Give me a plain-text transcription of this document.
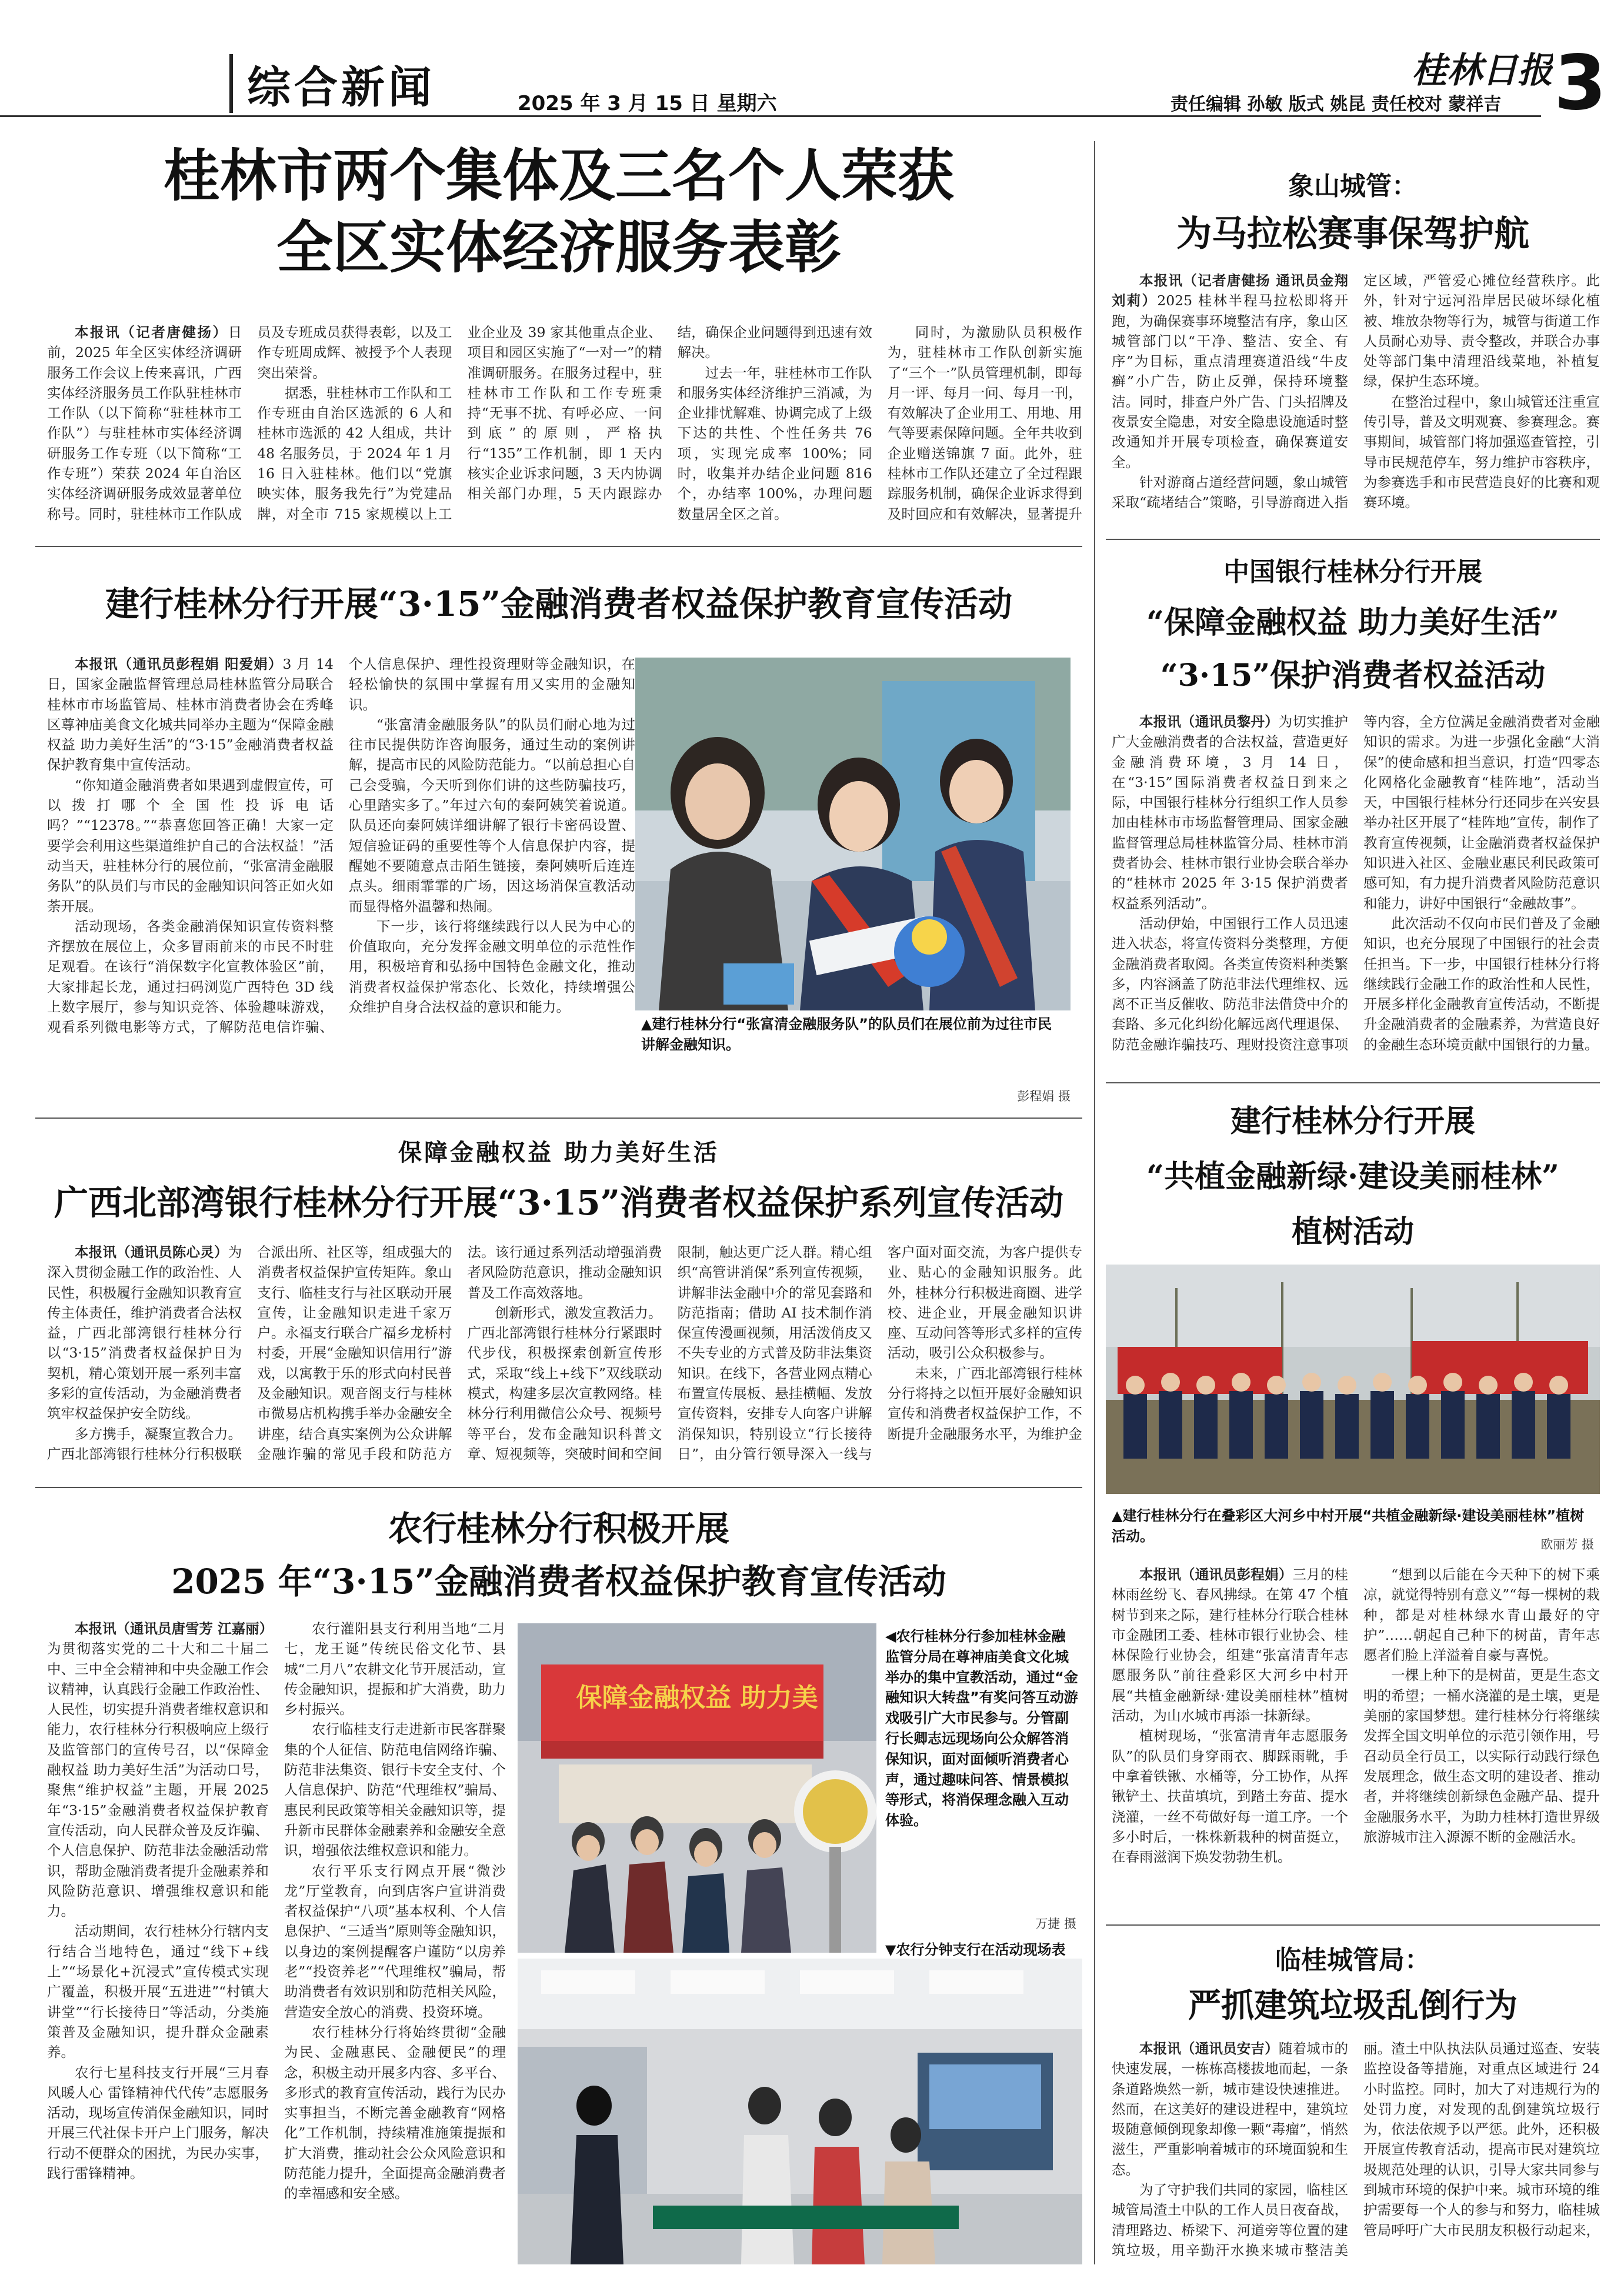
综合新闻	2025 年 3 月 15 日 星期六
桂林日报
责任编辑 孙敏 版式 姚昆 责任校对 蒙祥吉 3
桂林市两个集体及三名个人荣获
全区实体经济服务表彰

本报讯（记者唐健扬）日前，2025 年全区实体经济调研服务工作会议上传来喜讯，广西实体经济服务员工作队驻桂林市工作队（以下简称“驻桂林市工作队”）与驻桂林市实体经济调研服务工作专班（以下简称“工作专班”）荣获 2024 年自治区实体经济调研服务成效显著单位称号。同时，驻桂林市工作队成员及专班成员获得表彰，以及工作专班周成辉、被授予个人表现突出荣誉。

据悉，驻桂林市工作队和工作专班由自治区选派的 6 人和桂林市选派的 42 人组成，共计 48 名服务员，于 2024 年 1 月 16 日入驻桂林。他们以“党旗映实体，服务我先行”为党建品牌，对全市 715 家规模以上工业企业及 39 家其他重点企业、项目和园区实施了“一对一”的精准调研服务。在服务过程中，驻桂林市工作队和工作专班秉持“无事不扰、有呼必应、一问到底”的原则，严格执行“135”工作机制，即 1 天内核实企业诉求问题，3 天内协调相关部门办理，5 天内跟踪办结，确保企业问题得到迅速有效解决。

过去一年，驻桂林市工作队和服务实体经济维护三消减，为企业排忧解难、协调完成了上级下达的共性、个性任务共 76 项，实现完成率 100%；同时，收集并办结企业问题 816 个，办结率 100%，办理问题数量居全区之首。

同时，为激励队员积极作为，驻桂林市工作队创新实施了“三个一”队员管理机制，即每月一评、每月一问、每月一刊，有效解决了企业用工、用地、用气等要素保障问题。全年共收到企业赠送锦旗 7 面。此外，驻桂林市工作队还建立了全过程跟踪服务机制，确保企业诉求得到及时回应和有效解决，显著提升

建行桂林分行开展“3·15”金融消费者权益保护教育宣传活动

本报讯（通讯员彭程娟 阳爱娟）3 月 14 日，国家金融监督管理总局桂林监管分局联合桂林市市场监管局、桂林市消费者协会在秀峰区尊神庙美食文化城共同举办主题为“保障金融权益 助力美好生活”的“3·15”金融消费者权益保护教育集中宣传活动。

“你知道金融消费者如果遇到虚假宣传，可以拨打哪个全国性投诉电话吗？”“12378。”“恭喜您回答正确！大家一定要学会利用这些渠道维护自己的合法权益！”活动当天，驻桂林分行的展位前，“张富清金融服务队”的队员们与市民的金融知识问答正如火如荼开展。

活动现场，各类金融消保知识宣传资料整齐摆放在展位上，众多冒雨前来的市民不时驻足观看。在该行“消保数字化宣教体验区”前，大家排起长龙，通过扫码浏览广西特色 3D 线上数字展厅，参与知识竞答、体验趣味游戏，观看系列微电影等方式，了解防范电信诈骗、个人信息保护、理性投资理财等金融知识，在轻松愉快的氛围中掌握有用又实用的金融知识。

“张富清金融服务队”的队员们耐心地为过往市民提供防诈咨询服务，通过生动的案例讲解，提高市民的风险防范能力。“以前总担心自己会受骗，今天听到你们讲的这些防骗技巧，心里踏实多了。”年过六旬的秦阿姨笑着说道。队员还向秦阿姨详细讲解了银行卡密码设置、短信验证码的重要性等个人信息保护内容，提醒她不要随意点击陌生链接，秦阿姨听后连连点头。细雨霏霏的广场，因这场消保宣教活动而显得格外温馨和热闹。

下一步，该行将继续践行以人民为中心的价值取向，充分发挥金融文明单位的示范性作用，积极培育和弘扬中国特色金融文化，推动消费者权益保护常态化、长效化，持续增强公众维护自身合法权益的意识和能力。

▲建行桂林分行“张富清金融服务队”的队员们在展位前为过往市民讲解金融知识。
彭程娟 摄
保障金融权益 助力美好生活
广西北部湾银行桂林分行开展“3·15”消费者权益保护系列宣传活动

本报讯（通讯员陈心灵）为深入贯彻金融工作的政治性、人民性，积极履行金融知识教育宣传主体责任，维护消费者合法权益，广西北部湾银行桂林分行以“3·15”消费者权益保护日为契机，精心策划开展一系列丰富多彩的宣传活动，为金融消费者筑牢权益保护安全防线。

多方携手，凝聚宣教合力。广西北部湾银行桂林分行积极联合派出所、社区等，组成强大的消费者权益保护宣传矩阵。象山支行、临桂支行与社区联动开展宣传，让金融知识走进千家万户。永福支行联合广福乡龙桥村村委，开展“金融知识信用行”游戏，以寓教于乐的形式向村民普及金融知识。观音阁支行与桂林市微易店机构携手举办金融安全讲座，结合真实案例为公众讲解金融诈骗的常见手段和防范方法。该行通过系列活动增强消费者风险防范意识，推动金融知识普及工作高效落地。

创新形式，激发宣教活力。广西北部湾银行桂林分行紧跟时代步伐，积极探索创新宣传形式，采取“线上+线下”双线联动模式，构建多层次宣教网络。桂林分行利用微信公众号、视频号等平台，发布金融知识科普文章、短视频等，突破时间和空间限制，触达更广泛人群。精心组织“高管讲消保”系列宣传视频，讲解非法金融中介的常见套路和防范指南；借助 AI 技术制作消保宣传漫画视频，用活泼俏皮又不失专业的方式普及防非法集资知识。在线下，各营业网点精心布置宣传展板、悬挂横幅、发放宣传资料，安排专人向客户讲解消保知识，特别设立“行长接待日”，由分管行领导深入一线与客户面对面交流，为客户提供专业、贴心的金融知识服务。此外，桂林分行积极进商圈、进学校、进企业，开展金融知识讲座、互动问答等形式多样的宣传活动，吸引公众积极参与。

未来，广西北部湾银行桂林分行将持之以恒开展好金融知识宣传和消费者权益保护工作，不断提升金融服务水平，为维护金

农行桂林分行积极开展
2025 年“3·15”金融消费者权益保护教育宣传活动

本报讯（通讯员唐雪芳 江嘉丽）为贯彻落实党的二十大和二十届二中、三中全会精神和中央金融工作会议精神，认真践行金融工作政治性、人民性，切实提升消费者维权意识和能力，农行桂林分行积极响应上级行及监管部门的宣传号召，以“保障金融权益 助力美好生活”为活动口号，聚焦“维护权益”主题，开展 2025 年“3·15”金融消费者权益保护教育宣传活动，向人民群众普及反诈骗、个人信息保护、防范非法金融活动常识，帮助金融消费者提升金融素养和风险防范意识、增强维权意识和能力。

活动期间，农行桂林分行辖内支行结合当地特色，通过“线下+线上”“场景化+沉浸式”宣传模式实现广覆盖，积极开展“五进进”“村镇大讲堂”“行长接待日”等活动，分类施策普及金融知识，提升群众金融素养。

农行七星科技支行开展“三月春风暖人心 雷锋精神代代传”志愿服务活动，现场宣传消保金融知识，同时开展三代社保卡开户上门服务，解决行动不便群众的困扰，为民办实事，践行雷锋精神。

农行灌阳县支行利用当地“二月七，龙王诞”传统民俗文化节、县城“二月八”农耕文化节开展活动，宣传金融知识，提振和扩大消费，助力乡村振兴。

农行临桂支行走进新市民客群聚集的个人征信、防范电信网络诈骗、防范非法集资、银行卡安全支付、个人信息保护、防范“代理维权”骗局、惠民利民政策等相关金融知识等，提升新市民群体金融素养和金融安全意识，增强依法维权意识和能力。

农行平乐支行网点开展“微沙龙”厅堂教育，向到店客户宣讲消费者权益保护“八项”基本权利、个人信息保护、“三适当”原则等金融知识，以身边的案例提醒客户谨防“以房养老”“投资养老”“代理维权”骗局，帮助消费者有效识别和防范相关风险，营造安全放心的消费、投资环境。

农行桂林分行将始终贯彻“金融为民、金融惠民、金融便民”的理念，积极主动开展多内容、多平台、多形式的教育宣传活动，践行为民办实事担当，不断完善金融教育“网格化”工作机制，持续精准施策提振和扩大消费，推动社会公众风险意识和防范能力提升，全面提高金融消费者的幸福感和安全感。

保障金融权益 助力美
◀农行桂林分行参加桂林金融监管分局在尊神庙美食文化城举办的集中宣教活动，通过“金融知识大转盘”有奖问答互动游戏吸引广大市民参与。分管副行长卿志远现场向公众解答消保知识，面对面倾听消费者心声，通过趣味问答、情景模拟等形式，将消保理念融入互动体验。
万捷 摄
▼农行分钟支行在活动现场表
象山城管：
为马拉松赛事保驾护航

本报讯（记者唐健扬 通讯员金翔 刘莉）2025 桂林半程马拉松即将开跑，为确保赛事环境整洁有序，象山区城管部门以“干净、整洁、安全、有序”为目标，重点清理赛道沿线“牛皮癣”小广告，防止反弹，保持环境整洁。同时，排查户外广告、门头招牌及夜景安全隐患，对安全隐患设施适时整改通知并开展专项检查，确保赛道安全。

针对游商占道经营问题，象山城管采取“疏堵结合”策略，引导游商进入指定区域，严管爱心摊位经营秩序。此外，针对宁远河沿岸居民破坏绿化植被、堆放杂物等行为，城管与街道工作人员耐心劝导、责令整改，并联合办事处等部门集中清理沿线菜地，补植复绿，保护生态环境。

在整治过程中，象山城管还注重宣传引导，普及文明观赛、参赛理念。赛事期间，城管部门将加强巡查管控，引导市民规范停车，努力维护市容秩序，为参赛选手和市民营造良好的比赛和观赛环境。

中国银行桂林分行开展
“保障金融权益 助力美好生活”
“3·15”保护消费者权益活动

本报讯（通讯员黎丹）为切实推护广大金融消费者的合法权益，营造更好金融消费环境，3 月 14 日，在“3·15”国际消费者权益日到来之际，中国银行桂林分行组织工作人员参加由桂林市市场监督管理局、国家金融监督管理总局桂林监管分局、桂林市消费者协会、桂林市银行业协会联合举办的“桂林市 2025 年 3·15 保护消费者权益系列活动”。

活动伊始，中国银行工作人员迅速进入状态，将宣传资料分类整理，方便金融消费者取阅。各类宣传资料种类繁多，内容涵盖了防范非法代理维权、远离不正当反催收、防范非法借贷中介的套路、多元化纠纷化解远离代理退保、防范金融诈骗技巧、理财投资注意事项等内容，全方位满足金融消费者对金融知识的需求。为进一步强化金融“大消保”的使命感和担当意识，打造“四零态化网格化金融教育“桂阵地”，活动当天，中国银行桂林分行还同步在兴安县举办社区开展了“桂阵地”宣传，制作了教育宣传视频，让金融消费者权益保护知识进入社区、金融业惠民利民政策可感可知，有力提升消费者风险防范意识和能力，讲好中国银行“金融故事”。

此次活动不仅向市民们普及了金融知识，也充分展现了中国银行的社会责任担当。下一步，中国银行桂林分行将继续践行金融工作的政治性和人民性，开展多样化金融教育宣传活动，不断提升金融消费者的金融素养，为营造良好的金融生态环境贡献中国银行的力量。

建行桂林分行开展
“共植金融新绿·建设美丽桂林”
植树活动
▲建行桂林分行在叠彩区大河乡中村开展“共植金融新绿·建设美丽桂林”植树活动。
欧丽芳 摄

本报讯（通讯员彭程娟）三月的桂林雨丝纷飞、春风拂绿。在第 47 个植树节到来之际，建行桂林分行联合桂林市金融团工委、桂林市银行业协会、桂林保险行业协会，组建“张富清青年志愿服务队”前往叠彩区大河乡中村开展“共植金融新绿·建设美丽桂林”植树活动，为山水城市再添一抹新绿。

植树现场，“张富清青年志愿服务队”的队员们身穿雨衣、脚踩雨靴，手中拿着铁锹、水桶等，分工协作，从挥锹铲土、扶苗填坑，到踏土夯苗、提水浇灌，一丝不苟做好每一道工序。一个多小时后，一株株新栽种的树苗挺立，在春雨滋润下焕发勃勃生机。

“想到以后能在今天种下的树下乘凉，就觉得特别有意义”“每一棵树的栽种，都是对桂林绿水青山最好的守护”……朝起自己种下的树苗，青年志愿者们脸上洋溢着自豪与喜悦。

一棵上种下的是树苗，更是生态文明的希望；一桶水浇灌的是土壤，更是美丽的家国梦想。建行桂林分行将继续发挥全国文明单位的示范引领作用，号召动员全行员工，以实际行动践行绿色发展理念，做生态文明的建设者、推动者，并将继续创新绿色金融产品、提升金融服务水平，为助力桂林打造世界级旅游城市注入源源不断的金融活水。

临桂城管局：
严抓建筑垃圾乱倒行为

本报讯（通讯员安吉）随着城市的快速发展，一栋栋高楼拔地而起，一条条道路焕然一新，城市建设快速推进。然而，在这美好的建设进程中，建筑垃圾随意倾倒现象却像一颗“毒瘤”，悄然滋生，严重影响着城市的环境面貌和生态。

为了守护我们共同的家园，临桂区城管局渣土中队的工作人员日夜奋战，清理路边、桥梁下、河道旁等位置的建筑垃圾，用辛勤汗水换来城市整洁美丽。渣土中队执法队员通过巡查、安装监控设备等措施，对重点区域进行 24 小时监控。同时，加大了对违规行为的处罚力度，对发现的乱倒建筑垃圾行为，依法依规予以严惩。此外，还积极开展宣传教育活动，提高市民对建筑垃圾规范处理的认识，引导大家共同参与到城市环境的保护中来。城市环境的维护需要每一个人的参与和努力，临桂城管局呼吁广大市民朋友积极行动起来，
